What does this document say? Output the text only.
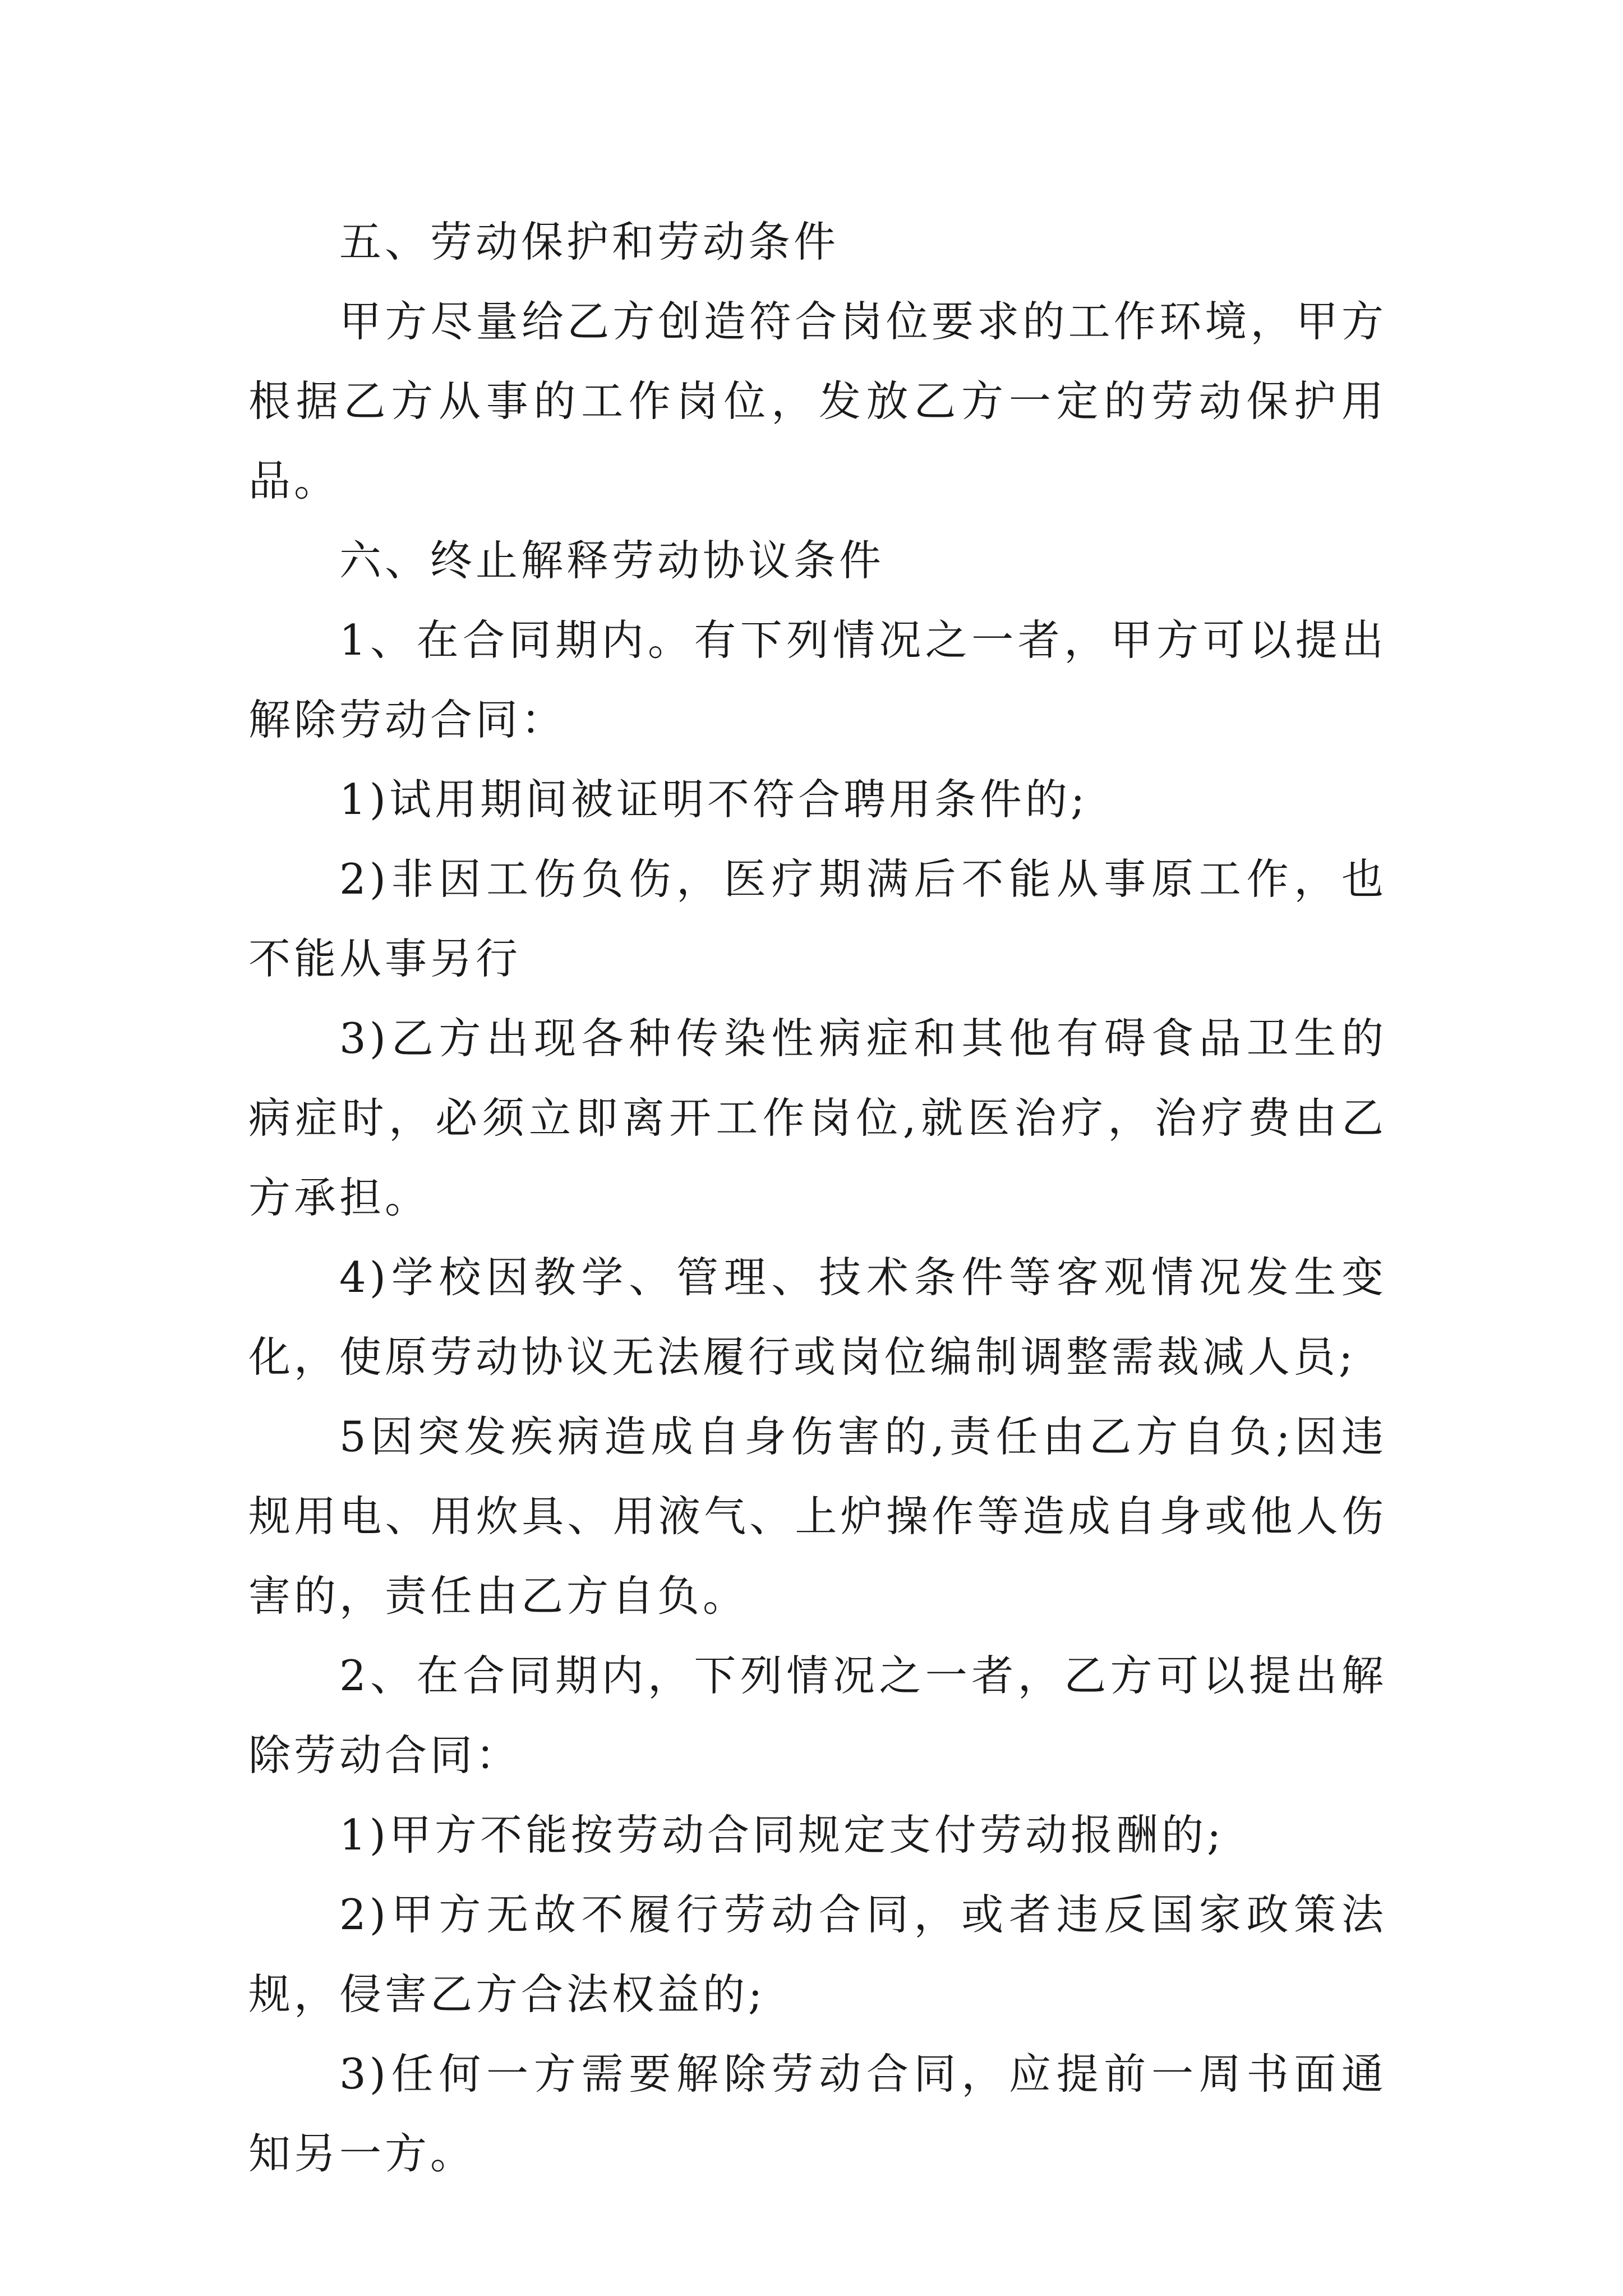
五、劳动保护和劳动条件

甲方尽量给乙方创造符合岗位要求的工作环境，甲方根据乙方从事的工作岗位，发放乙方一定的劳动保护用品。

六、终止解释劳动协议条件

1、在合同期内。有下列情况之一者，甲方可以提出解除劳动合同：

1)试用期间被证明不符合聘用条件的;

2)非因工伤负伤，医疗期满后不能从事原工作，也不能从事另行

3)乙方出现各种传染性病症和其他有碍食品卫生的病症时，必须立即离开工作岗位,就医治疗，治疗费由乙方承担。

4)学校因教学、管理、技术条件等客观情况发生变化，使原劳动协议无法履行或岗位编制调整需裁减人员;

5因突发疾病造成自身伤害的,责任由乙方自负;因违规用电、用炊具、用液气、上炉操作等造成自身或他人伤害的，责任由乙方自负。

2、在合同期内，下列情况之一者，乙方可以提出解除劳动合同：

1)甲方不能按劳动合同规定支付劳动报酬的;

2)甲方无故不履行劳动合同，或者违反国家政策法规，侵害乙方合法权益的;

3)任何一方需要解除劳动合同，应提前一周书面通知另一方。
